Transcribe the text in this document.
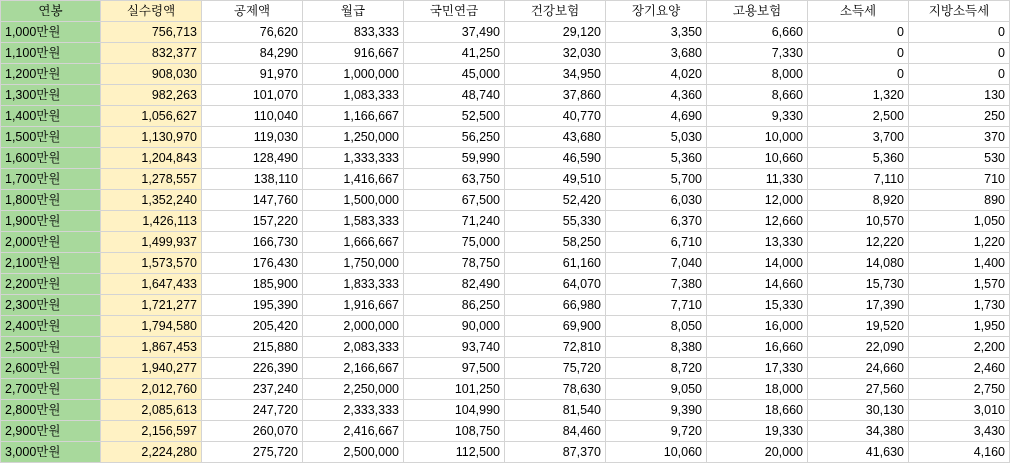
연봉	실수령액	공제액	월급	국민연금	건강보험	장기요양	고용보험	소득세	지방소득세
1,000만원	756,713	76,620	833,333	37,490	29,120	3,350	6,660	0	0
1,100만원	832,377	84,290	916,667	41,250	32,030	3,680	7,330	0	0
1,200만원	908,030	91,970	1,000,000	45,000	34,950	4,020	8,000	0	0
1,300만원	982,263	101,070	1,083,333	48,740	37,860	4,360	8,660	1,320	130
1,400만원	1,056,627	110,040	1,166,667	52,500	40,770	4,690	9,330	2,500	250
1,500만원	1,130,970	119,030	1,250,000	56,250	43,680	5,030	10,000	3,700	370
1,600만원	1,204,843	128,490	1,333,333	59,990	46,590	5,360	10,660	5,360	530
1,700만원	1,278,557	138,110	1,416,667	63,750	49,510	5,700	11,330	7,110	710
1,800만원	1,352,240	147,760	1,500,000	67,500	52,420	6,030	12,000	8,920	890
1,900만원	1,426,113	157,220	1,583,333	71,240	55,330	6,370	12,660	10,570	1,050
2,000만원	1,499,937	166,730	1,666,667	75,000	58,250	6,710	13,330	12,220	1,220
2,100만원	1,573,570	176,430	1,750,000	78,750	61,160	7,040	14,000	14,080	1,400
2,200만원	1,647,433	185,900	1,833,333	82,490	64,070	7,380	14,660	15,730	1,570
2,300만원	1,721,277	195,390	1,916,667	86,250	66,980	7,710	15,330	17,390	1,730
2,400만원	1,794,580	205,420	2,000,000	90,000	69,900	8,050	16,000	19,520	1,950
2,500만원	1,867,453	215,880	2,083,333	93,740	72,810	8,380	16,660	22,090	2,200
2,600만원	1,940,277	226,390	2,166,667	97,500	75,720	8,720	17,330	24,660	2,460
2,700만원	2,012,760	237,240	2,250,000	101,250	78,630	9,050	18,000	27,560	2,750
2,800만원	2,085,613	247,720	2,333,333	104,990	81,540	9,390	18,660	30,130	3,010
2,900만원	2,156,597	260,070	2,416,667	108,750	84,460	9,720	19,330	34,380	3,430
3,000만원	2,224,280	275,720	2,500,000	112,500	87,370	10,060	20,000	41,630	4,160
